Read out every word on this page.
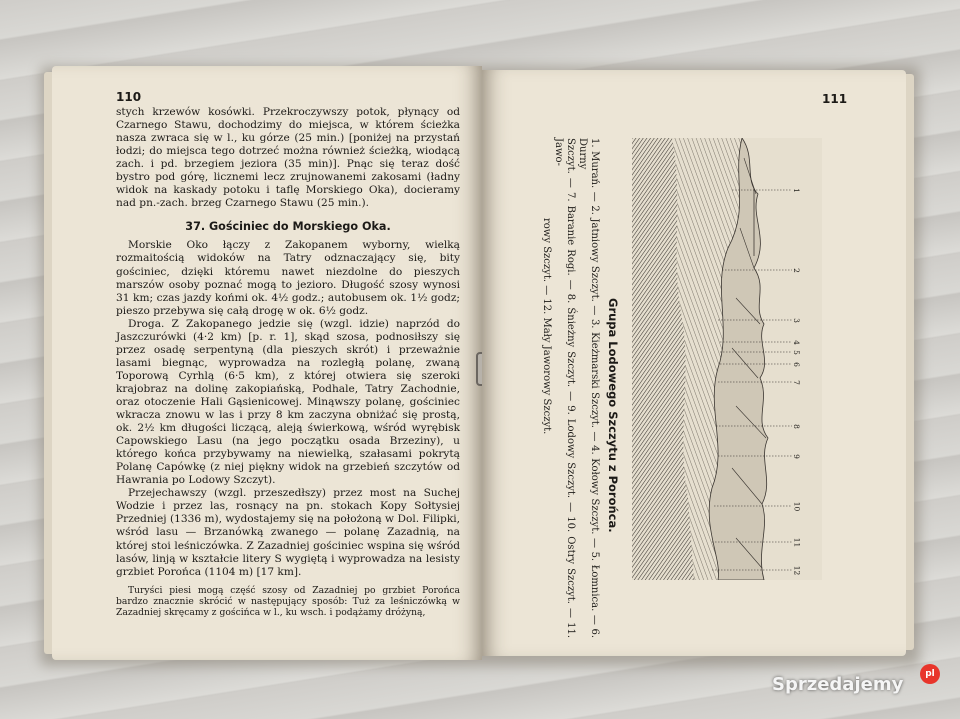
110

stych krzewów kosówki. Przekroczywszy potok, płynący od Czarnego Stawu, dochodzimy do miejsca, w którem ścieżka nasza zwraca się w l., ku górze (25 min.) [poniżej na przystań łodzi; do miejsca tego dotrzeć można również ścieżką, wiodącą zach. i pd. brzegiem jeziora (35 min)]. Pnąc się teraz dość bystro pod górę, licznemi lecz zrujnowanemi zakosami (ładny widok na kaskady potoku i taflę Morskiego Oka), docieramy nad pn.-zach. brzeg Czarnego Stawu (25 min.).

37. Gościniec do Morskiego Oka.

Morskie Oko łączy z Zakopanem wyborny, wielką rozmaitością widoków na Tatry odznaczający się, bity gościniec, dzięki któremu nawet niezdolne do pieszych marszów osoby poznać mogą to jezioro. Długość szosy wynosi 31 km; czas jazdy końmi ok. 4½ godz.; autobusem ok. 1½ godz; pieszo przebywa się całą drogę w ok. 6½ godz.

Droga. Z Zakopanego jedzie się (wzgl. idzie) naprzód do Jaszczurówki (4·2 km) [p. r. 1], skąd szosa, podnosiłszy się przez osadę serpentyną (dla pieszych skrót) i przeważnie lasami biegnąc, wyprowadza na rozległą polanę, zwaną Toporową Cyrhlą (6·5 km), z której otwiera się szeroki krajobraz na dolinę zakopiańską, Podhale, Tatry Zachodnie, oraz otoczenie Hali Gąsienicowej. Minąwszy polanę, gościniec wkracza znowu w las i przy 8 km zaczyna obniżać się prostą, ok. 2½ km długości liczącą, aleją świerkową, wśród wyrębisk Capowskiego Lasu (na jego początku osada Brzeziny), u którego końca przybywamy na niewielką, szałasami pokrytą Polanę Capówkę (z niej piękny widok na grzebień szczytów od Hawrania po Lodowy Szczyt).

Przejechawszy (wzgl. przeszedłszy) przez most na Suchej Wodzie i przez las, rosnący na pn. stokach Kopy Sołtysiej Przedniej (1336 m), wydostajemy się na położoną w Dol. Filipki, wśród lasu — Brzanówką zwanego — polanę Zazadnią, na której stoi leśniczówka. Z Zazadniej gościniec wspina się wśród lasów, linją w kształcie litery S wygiętą i wyprowadza na lesisty grzbiet Porońca (1104 m) [17 km].

Turyści piesi mogą część szosy od Zazadniej po grzbiet Porońca bardzo znacznie skrócić w następujący sposób: Tuż za leśniczówką w Zazadniej skręcamy z gościńca w l., ku wsch. i podążamy dróżyną,
111
1. Murań. — 2. Jatniowy Szczyt. — 3. Kieżmarski Szczyt. — 4. Kołowy Szczyt. — 5. Łomnica. — 6. Durny
Szczyt. — 7. Baranie Rogi. — 8. Śnieżny Szczyt. — 9. Lodowy Szczyt. — 10. Ostry Szczyt. — 11. Jawo-
rowy Szczyt. — 12. Mały Jaworowy Szczyt.	Grupa Lodowego Szczytu z Porońca.
1
2
3
4
5
6
7
8
9
10
11
12
Sprzedajemy	pl
